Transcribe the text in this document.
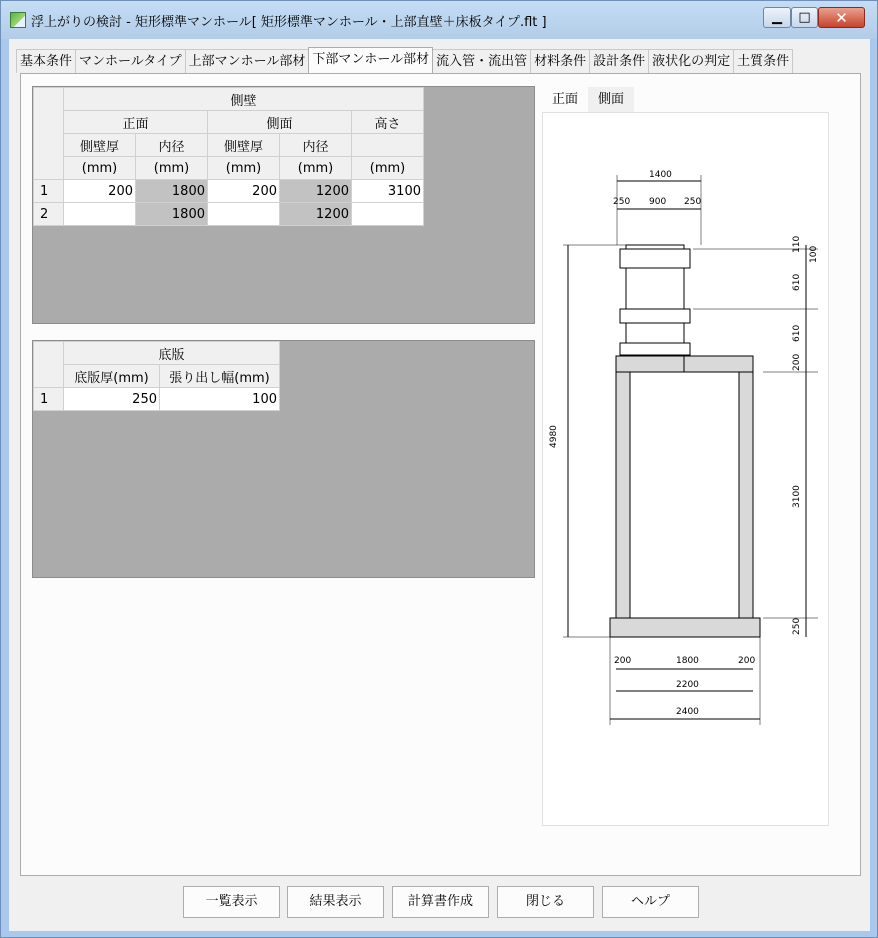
浮上がりの検討 - 矩形標準マンホール[ 矩形標準マンホール・上部直壁＋床板タイプ.flt ]	▁	□	✕
基本条件 マンホールタイプ 上部マンホール部材 下部マンホール部材 流入管・流出管 材料条件 設計条件 液状化の判定 土質条件
	側壁				
	正面		側面		高さ
	側壁厚	内径	側壁厚	内径	
	(mm)	(mm)	(mm)	(mm)	(mm)
1	200	1800	200	1200	3100
2		1800		1200	
	底版	
	底版厚(mm)	張り出し幅(mm)
1	250	100
正面	側面
1400
250 900 250
4980
110
100
610
610
200
3100
250
200	1800	200
2200
2400
一覧表示	結果表示	計算書作成	閉じる	ヘルプ
